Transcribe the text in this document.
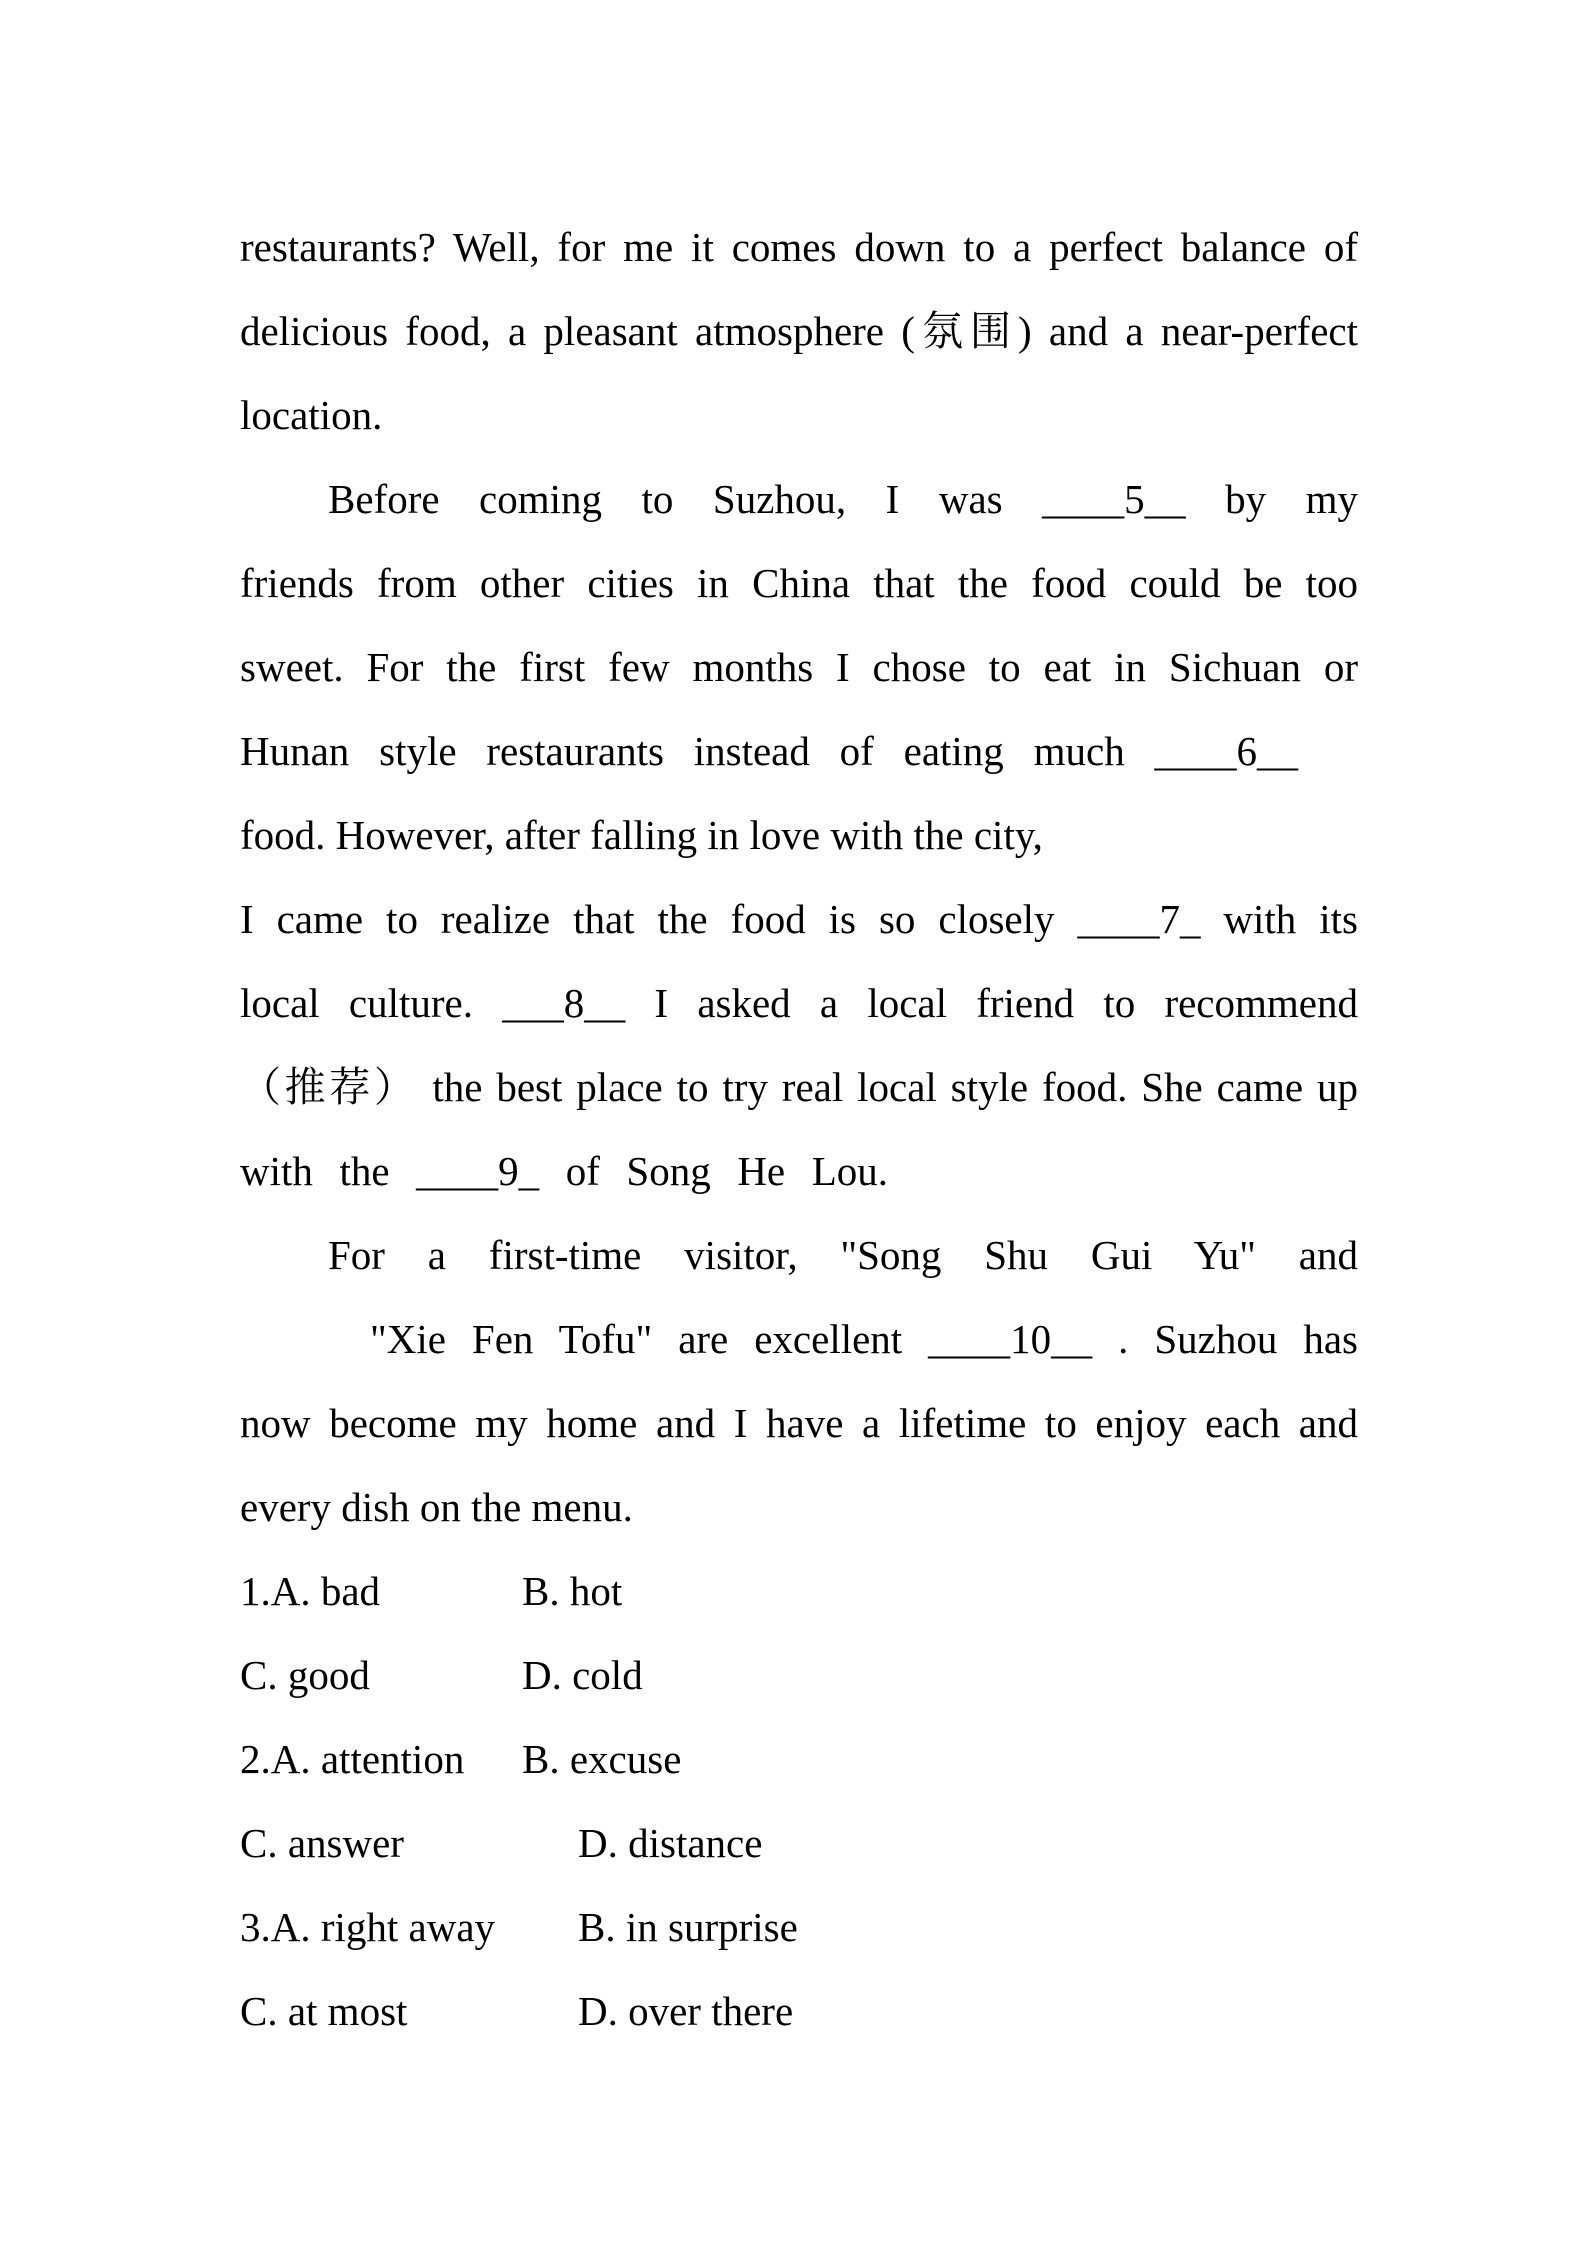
restaurants? Well, for me it comes down to a perfect balance of
delicious food, a pleasant atmosphere (氛围) and a near-perfect
location.
Before coming to Suzhou, I was ____5__ by my
friends from other cities in China that the food could be too
sweet. For the first few months I chose to eat in Sichuan or
Hunan style restaurants instead of eating much ____6__
food. However, after falling in love with the city,
I came to realize that the food is so closely ____7_ with its
local culture. ___8__ I asked a local friend to recommend
（推荐） the best place to try real local style food. She came up
with the ____9_ of Song He Lou.
For a first-time visitor, "Song Shu Gui Yu" and
"Xie Fen Tofu" are excellent ____10__ . Suzhou has
now become my home and I have a lifetime to enjoy each and
every dish on the menu.
1.A. bad	B. hot
C. good	D. cold
2.A. attention B. excuse
C. answer	D. distance
3.A. right away B. in surprise
C. at most	D. over there
